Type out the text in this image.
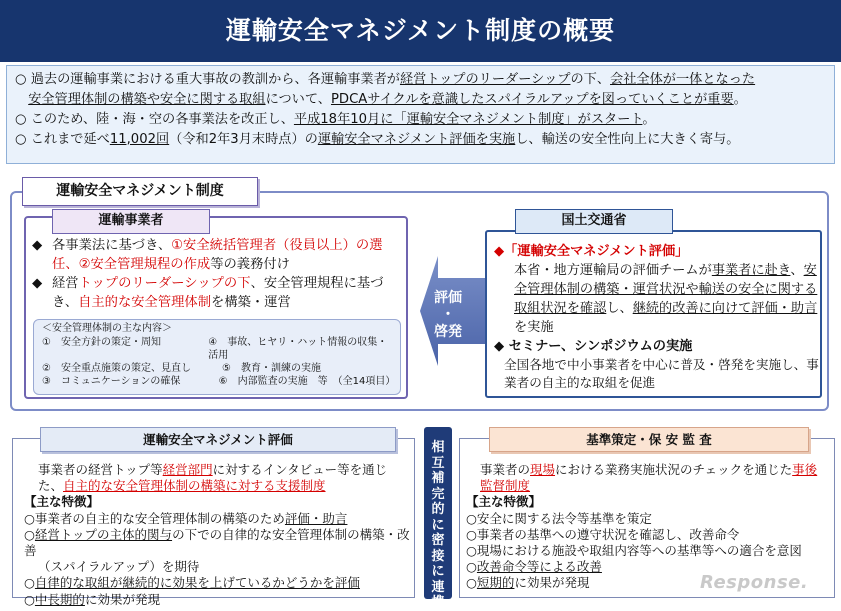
運輸安全マネジメント制度の概要

○ 過去の運輸事業における重大事故の教訓から、各運輸事業者が経営トップのリーダーシップの下、会社全体が一体となった

　安全管理体制の構築や安全に関する取組について、PDCAサイクルを意識したスパイラルアップを図っていくことが重要。

○ このため、陸・海・空の各事業法を改正し、平成18年10月に「運輸安全マネジメント制度」がスタート。

○ これまで延べ11,002回（令和2年3月末時点）の運輸安全マネジメント評価を実施し、輸送の安全性向上に大きく寄与。

運輸安全マネジメント制度
運輸事業者
◆ 各事業法に基づき、①安全統括管理者（役員以上）の選任、②安全管理規程の作成等の義務付け
◆ 経営トップのリーダーシップの下、安全管理規程に基づき、自主的な安全管理体制を構築・運営
＜安全管理体制の主な内容＞
①　安全方針の策定・周知	④　事故、ヒヤリ・ハット情報の収集・活用
②　安全重点施策の策定、見直し	⑤　教育・訓練の実施
③　コミュニケーションの確保	⑥　内部監査の実施　等　（全14項目）
評価
・
啓発
国土交通省
◆「運輸安全マネジメント評価」
本省・地方運輸局の評価チームが事業者に赴き、安全管理体制の構築・運営状況や輸送の安全に関する取組状況を確認し、継続的改善に向けて評価・助言を実施
◆ セミナー、シンポジウムの実施
全国各地で中小事業者を中心に普及・啓発を実施し、事業者の自主的な取組を促進
運輸安全マネジメント評価
事業者の経営トップ等経営部門に対するインタビュー等を通じた、自主的な安全管理体制の構築に対する支援制度
【主な特徴】
○事業者の自主的な安全管理体制の構築のため評価・助言
○経営トップの主体的関与の下での自律的な安全管理体制の構築・改善
（スパイラルアップ）を期待
○自律的な取組が継続的に効果を上げているかどうかを評価
○中長期的に効果が発現
相
互
補
完
的
に
密
接
に
連
携
基準策定・保 安 監 査
事業者の現場における業務実施状況のチェックを通じた事後監督制度
【主な特徴】
○安全に関する法令等基準を策定
○事業者の基準への遵守状況を確認し、改善命令
○現場における施設や取組内容等への基準等への適合を意図
○改善命令等による改善
○短期的に効果が発現	Response.
